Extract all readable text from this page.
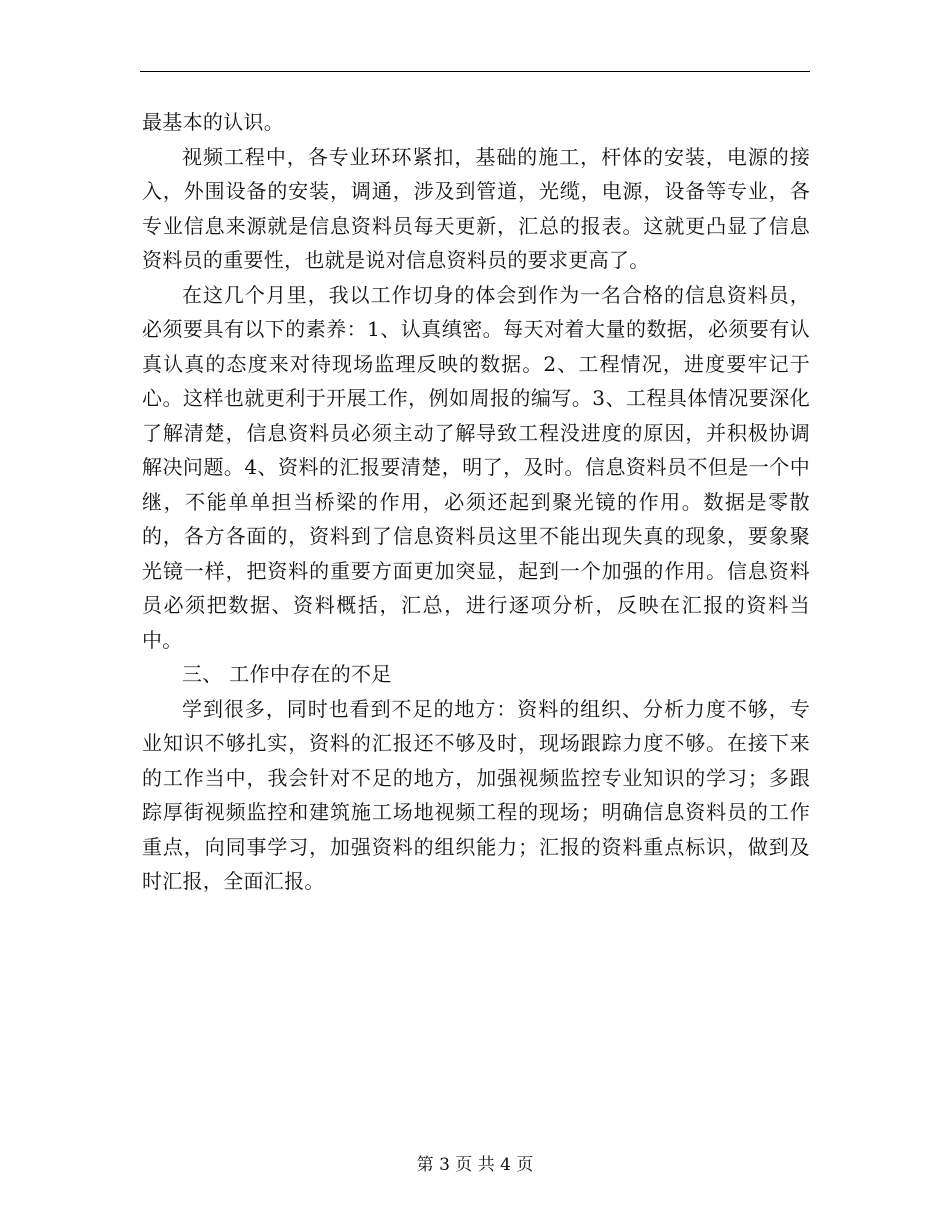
最基本的认识。

视频工程中，各专业环环紧扣，基础的施工，杆体的安装，电源的接入，外围设备的安装，调通，涉及到管道，光缆，电源，设备等专业，各专业信息来源就是信息资料员每天更新，汇总的报表。这就更凸显了信息资料员的重要性，也就是说对信息资料员的要求更高了。

在这几个月里，我以工作切身的体会到作为一名合格的信息资料员，必须要具有以下的素养：1、认真缜密。每天对着大量的数据，必须要有认真认真的态度来对待现场监理反映的数据。2、工程情况，进度要牢记于心。这样也就更利于开展工作，例如周报的编写。3、工程具体情况要深化了解清楚，信息资料员必须主动了解导致工程没进度的原因，并积极协调解决问题。4、资料的汇报要清楚，明了，及时。信息资料员不但是一个中继，不能单单担当桥梁的作用，必须还起到聚光镜的作用。数据是零散的，各方各面的，资料到了信息资料员这里不能出现失真的现象，要象聚光镜一样，把资料的重要方面更加突显，起到一个加强的作用。信息资料员必须把数据、资料概括，汇总，进行逐项分析，反映在汇报的资料当中。

三、 工作中存在的不足

学到很多，同时也看到不足的地方：资料的组织、分析力度不够，专业知识不够扎实，资料的汇报还不够及时，现场跟踪力度不够。在接下来的工作当中，我会针对不足的地方，加强视频监控专业知识的学习；多跟踪厚街视频监控和建筑施工场地视频工程的现场；明确信息资料员的工作重点，向同事学习，加强资料的组织能力；汇报的资料重点标识，做到及时汇报，全面汇报。

第 3 页 共 4 页
